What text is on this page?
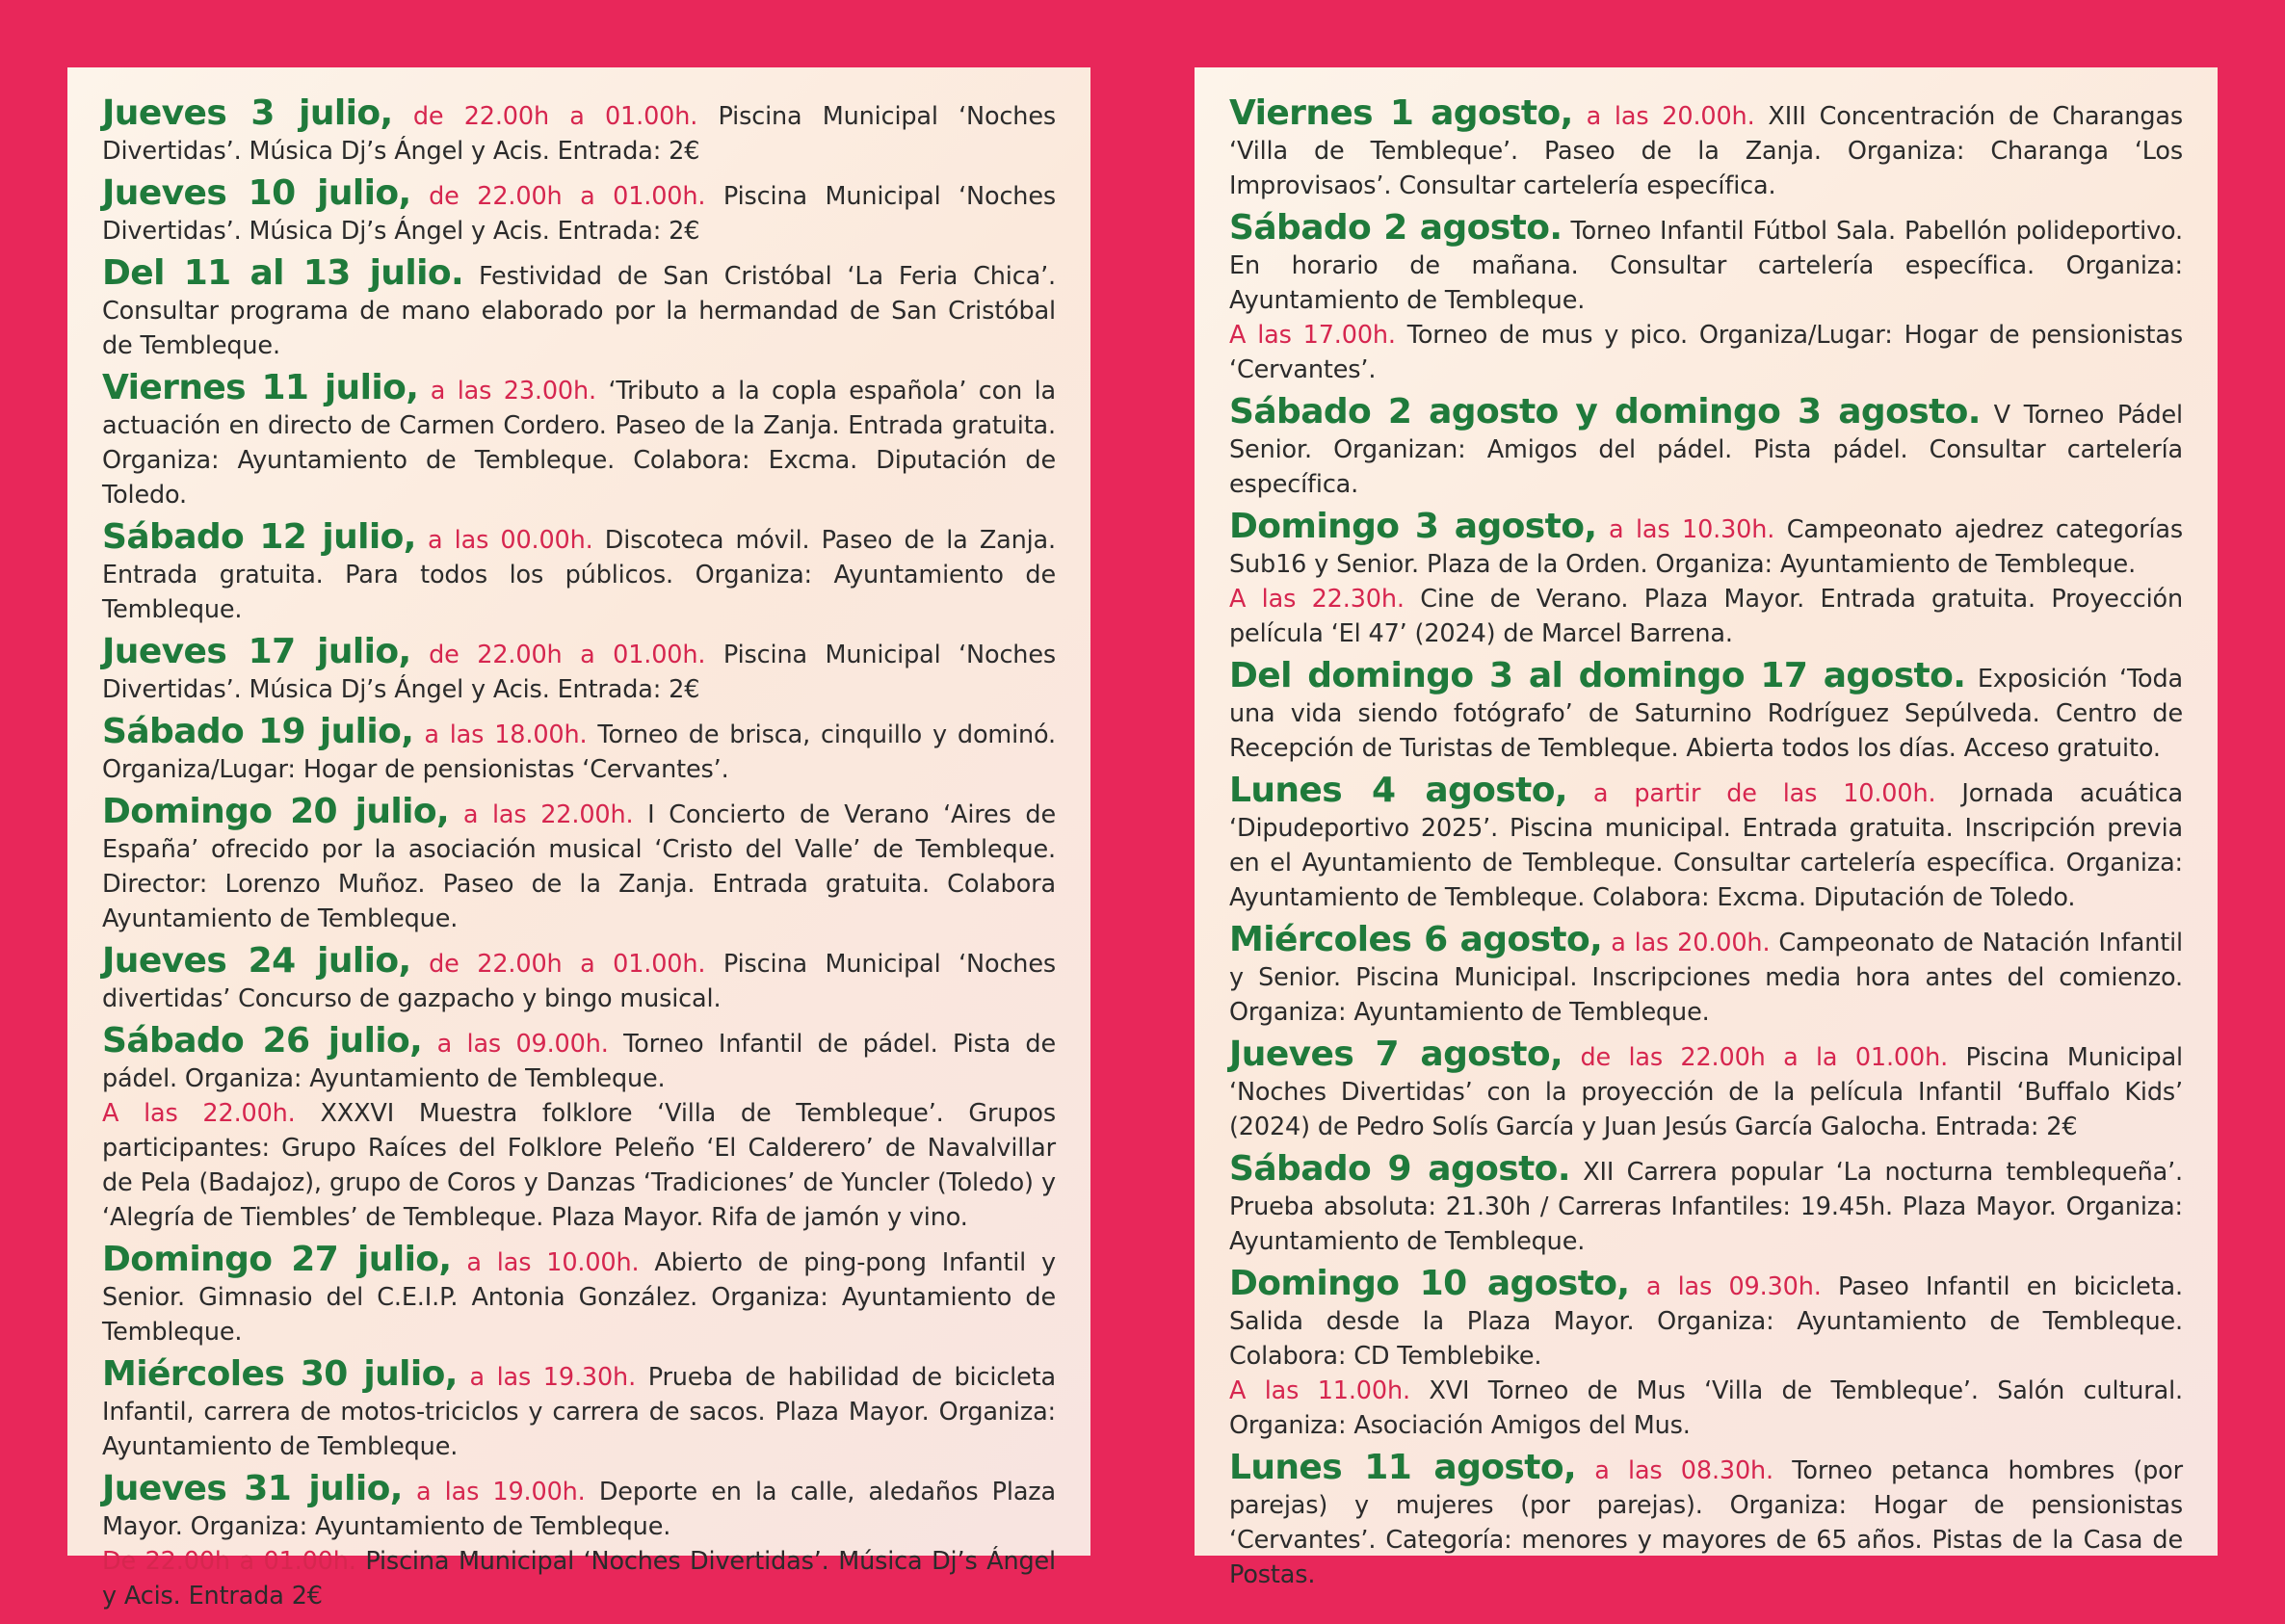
Jueves 3 julio, de 22.00h a 01.00h. Piscina Municipal ‘Noches Divertidas’. Música Dj’s Ángel y Acis. Entrada: 2€
Jueves 10 julio, de 22.00h a 01.00h. Piscina Municipal ‘Noches Divertidas’. Música Dj’s Ángel y Acis. Entrada: 2€
Del 11 al 13 julio. Festividad de San Cristóbal ‘La Feria Chica’. Consultar programa de mano elaborado por la hermandad de San Cristóbal de Tembleque.
Viernes 11 julio, a las 23.00h. ‘Tributo a la copla española’ con la actuación en directo de Carmen Cordero. Paseo de la Zanja. Entrada gratuita. Organiza: Ayuntamiento de Tembleque. Colabora: Excma. Diputación de Toledo.
Sábado 12 julio, a las 00.00h. Discoteca móvil. Paseo de la Zanja. Entrada gratuita. Para todos los públicos. Organiza: Ayuntamiento de Tembleque.
Jueves 17 julio, de 22.00h a 01.00h. Piscina Municipal ‘Noches Divertidas’. Música Dj’s Ángel y Acis. Entrada: 2€
Sábado 19 julio, a las 18.00h. Torneo de brisca, cinquillo y dominó. Organiza/Lugar: Hogar de pensionistas ‘Cervantes’.
Domingo 20 julio, a las 22.00h. I Concierto de Verano ‘Aires de España’ ofrecido por la asociación musical ‘Cristo del Valle’ de Tembleque. Director: Lorenzo Muñoz. Paseo de la Zanja. Entrada gratuita. Colabora Ayuntamiento de Tembleque.
Jueves 24 julio, de 22.00h a 01.00h. Piscina Municipal ‘Noches divertidas’ Concurso de gazpacho y bingo musical.
Sábado 26 julio, a las 09.00h. Torneo Infantil de pádel. Pista de pádel. Organiza: Ayuntamiento de Tembleque.
A las 22.00h. XXXVI Muestra folklore ‘Villa de Tembleque’. Grupos participantes: Grupo Raíces del Folklore Peleño ‘El Calderero’ de Navalvillar de Pela (Badajoz), grupo de Coros y Danzas ‘Tradiciones’ de Yuncler (Toledo) y ‘Alegría de Tiembles’ de Tembleque. Plaza Mayor. Rifa de jamón y vino.
Domingo 27 julio, a las 10.00h. Abierto de ping-pong Infantil y Senior. Gimnasio del C.E.I.P. Antonia González. Organiza: Ayuntamiento de Tembleque.
Miércoles 30 julio, a las 19.30h. Prueba de habilidad de bicicleta Infantil, carrera de motos-triciclos y carrera de sacos. Plaza Mayor. Organiza: Ayuntamiento de Tembleque.
Jueves 31 julio, a las 19.00h. Deporte en la calle, aledaños Plaza Mayor. Organiza: Ayuntamiento de Tembleque.
De 22.00h a 01.00h. Piscina Municipal ‘Noches Divertidas’. Música Dj’s Ángel y Acis. Entrada 2€
Viernes 1 agosto, a las 20.00h. XIII Concentración de Charangas ‘Villa de Tembleque’. Paseo de la Zanja. Organiza: Charanga ‘Los Improvisaos’. Consultar cartelería específica.
Sábado 2 agosto. Torneo Infantil Fútbol Sala. Pabellón polideportivo. En horario de mañana. Consultar cartelería específica. Organiza: Ayuntamiento de Tembleque.
A las 17.00h. Torneo de mus y pico. Organiza/Lugar: Hogar de pensionistas ‘Cervantes’.
Sábado 2 agosto y domingo 3 agosto. V Torneo Pádel Senior. Organizan: Amigos del pádel. Pista pádel. Consultar cartelería específica.
Domingo 3 agosto, a las 10.30h. Campeonato ajedrez categorías Sub16 y Senior. Plaza de la Orden. Organiza: Ayuntamiento de Tembleque.
A las 22.30h. Cine de Verano. Plaza Mayor. Entrada gratuita. Proyección película ‘El 47’ (2024) de Marcel Barrena.
Del domingo 3 al domingo 17 agosto. Exposición ‘Toda una vida siendo fotógrafo’ de Saturnino Rodríguez Sepúlveda. Centro de Recepción de Turistas de Tembleque. Abierta todos los días. Acceso gratuito.
Lunes 4 agosto, a partir de las 10.00h. Jornada acuática ‘Dipudeportivo 2025’. Piscina municipal. Entrada gratuita. Inscripción previa en el Ayuntamiento de Tembleque. Consultar cartelería específica. Organiza: Ayuntamiento de Tembleque. Colabora: Excma. Diputación de Toledo.
Miércoles 6 agosto, a las 20.00h. Campeonato de Natación Infantil y Senior. Piscina Municipal. Inscripciones media hora antes del comienzo. Organiza: Ayuntamiento de Tembleque.
Jueves 7 agosto, de las 22.00h a la 01.00h. Piscina Municipal ‘Noches Divertidas’ con la proyección de la película Infantil ‘Buffalo Kids’ (2024) de Pedro Solís García y Juan Jesús García Galocha. Entrada: 2€
Sábado 9 agosto. XII Carrera popular ‘La nocturna temblequeña’. Prueba absoluta: 21.30h / Carreras Infantiles: 19.45h. Plaza Mayor. Organiza: Ayuntamiento de Tembleque.
Domingo 10 agosto, a las 09.30h. Paseo Infantil en bicicleta. Salida desde la Plaza Mayor. Organiza: Ayuntamiento de Tembleque. Colabora: CD Temblebike.
A las 11.00h. XVI Torneo de Mus ‘Villa de Tembleque’. Salón cultural. Organiza: Asociación Amigos del Mus.
Lunes 11 agosto, a las 08.30h. Torneo petanca hombres (por parejas) y mujeres (por parejas). Organiza: Hogar de pensionistas ‘Cervantes’. Categoría: menores y mayores de 65 años. Pistas de la Casa de Postas.
